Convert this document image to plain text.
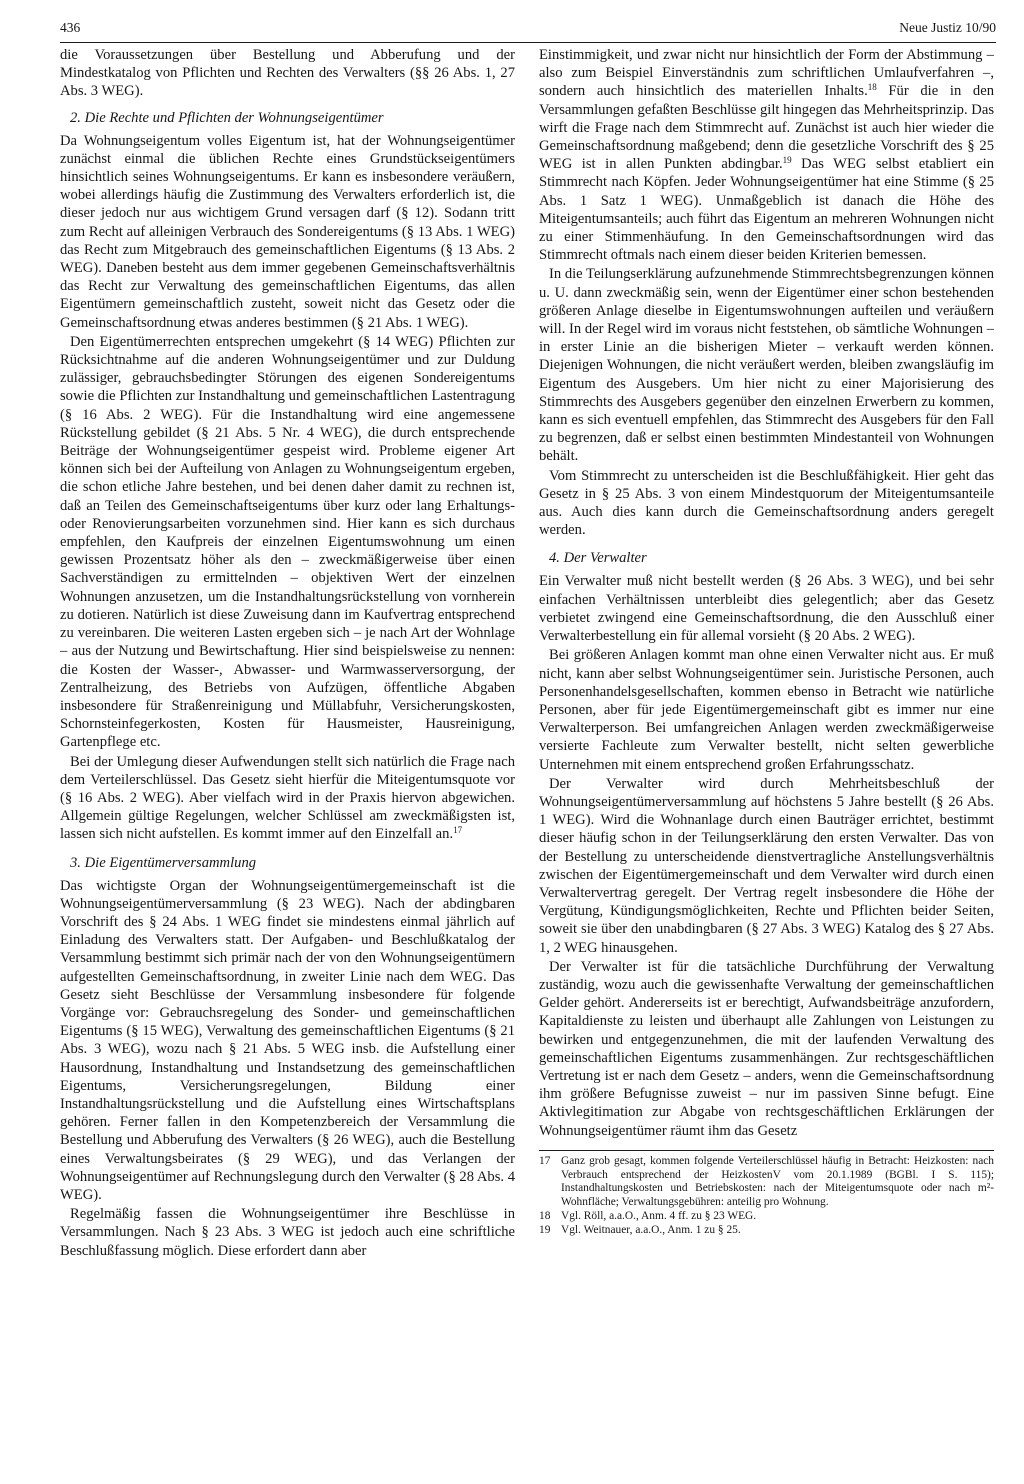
436	Neue Justiz 10/90

die Voraussetzungen über Bestellung und Abberufung und der Mindestkatalog von Pflichten und Rechten des Verwalters (§§ 26 Abs. 1, 27 Abs. 3 WEG).

2. Die Rechte und Pflichten der Wohnungseigentümer

Da Wohnungseigentum volles Eigentum ist, hat der Wohnungseigentümer zunächst einmal die üblichen Rechte eines Grundstückseigentümers hinsichtlich seines Wohnungseigentums. Er kann es insbesondere veräußern, wobei allerdings häufig die Zustimmung des Verwalters erforderlich ist, die dieser jedoch nur aus wichtigem Grund versagen darf (§ 12). Sodann tritt zum Recht auf alleinigen Verbrauch des Sondereigentums (§ 13 Abs. 1 WEG) das Recht zum Mitgebrauch des gemeinschaftlichen Eigentums (§ 13 Abs. 2 WEG). Daneben besteht aus dem immer gegebenen Gemeinschaftsverhältnis das Recht zur Verwaltung des gemeinschaftlichen Eigentums, das allen Eigentümern gemeinschaftlich zusteht, soweit nicht das Gesetz oder die Gemeinschaftsordnung etwas anderes bestimmen (§ 21 Abs. 1 WEG).

Den Eigentümerrechten entsprechen umgekehrt (§ 14 WEG) Pflichten zur Rücksichtnahme auf die anderen Wohnungseigentümer und zur Duldung zulässiger, gebrauchsbedingter Störungen des eigenen Sondereigentums sowie die Pflichten zur Instandhaltung und gemeinschaftlichen Lastentragung (§ 16 Abs. 2 WEG). Für die Instandhaltung wird eine angemessene Rückstellung gebildet (§ 21 Abs. 5 Nr. 4 WEG), die durch entsprechende Beiträge der Wohnungseigentümer gespeist wird. Probleme eigener Art können sich bei der Aufteilung von Anlagen zu Wohnungseigentum ergeben, die schon etliche Jahre bestehen, und bei denen daher damit zu rechnen ist, daß an Teilen des Gemeinschaftseigentums über kurz oder lang Erhaltungs- oder Renovierungsarbeiten vorzunehmen sind. Hier kann es sich durchaus empfehlen, den Kaufpreis der einzelnen Eigentumswohnung um einen gewissen Prozentsatz höher als den – zweckmäßigerweise über einen Sachverständigen zu ermittelnden – objektiven Wert der einzelnen Wohnungen anzusetzen, um die Instandhaltungsrückstellung von vornherein zu dotieren. Natürlich ist diese Zuweisung dann im Kaufvertrag entsprechend zu vereinbaren. Die weiteren Lasten ergeben sich – je nach Art der Wohnlage – aus der Nutzung und Bewirtschaftung. Hier sind beispielsweise zu nennen: die Kosten der Wasser-, Abwasser- und Warmwasserversorgung, der Zentralheizung, des Betriebs von Aufzügen, öffentliche Abgaben insbesondere für Straßenreinigung und Müllabfuhr, Versicherungskosten, Schornsteinfegerkosten, Kosten für Hausmeister, Hausreinigung, Gartenpflege etc.

Bei der Umlegung dieser Aufwendungen stellt sich natürlich die Frage nach dem Verteilerschlüssel. Das Gesetz sieht hierfür die Miteigentumsquote vor (§ 16 Abs. 2 WEG). Aber vielfach wird in der Praxis hiervon abgewichen. Allgemein gültige Regelungen, welcher Schlüssel am zweckmäßigsten ist, lassen sich nicht aufstellen. Es kommt immer auf den Einzelfall an.$^{17}$

3. Die Eigentümerversammlung

Das wichtigste Organ der Wohnungseigentümergemeinschaft ist die Wohnungseigentümerversammlung (§ 23 WEG). Nach der abdingbaren Vorschrift des § 24 Abs. 1 WEG findet sie mindestens einmal jährlich auf Einladung des Verwalters statt. Der Aufgaben- und Beschlußkatalog der Versammlung bestimmt sich primär nach der von den Wohnungseigentümern aufgestellten Gemeinschaftsordnung, in zweiter Linie nach dem WEG. Das Gesetz sieht Beschlüsse der Versammlung insbesondere für folgende Vorgänge vor: Gebrauchsregelung des Sonder- und gemeinschaftlichen Eigentums (§ 15 WEG), Verwaltung des gemeinschaftlichen Eigentums (§ 21 Abs. 3 WEG), wozu nach § 21 Abs. 5 WEG insb. die Aufstellung einer Hausordnung, Instandhaltung und Instandsetzung des gemeinschaftlichen Eigentums, Versicherungsregelungen, Bildung einer Instandhaltungsrückstellung und die Aufstellung eines Wirtschaftsplans gehören. Ferner fallen in den Kompetenzbereich der Versammlung die Bestellung und Abberufung des Verwalters (§ 26 WEG), auch die Bestellung eines Verwaltungsbeirates (§ 29 WEG), und das Verlangen der Wohnungseigentümer auf Rechnungslegung durch den Verwalter (§ 28 Abs. 4 WEG).

Regelmäßig fassen die Wohnungseigentümer ihre Beschlüsse in Versammlungen. Nach § 23 Abs. 3 WEG ist jedoch auch eine schriftliche Beschlußfassung möglich. Diese erfordert dann aber

Einstimmigkeit, und zwar nicht nur hinsichtlich der Form der Abstimmung – also zum Beispiel Einverständnis zum schriftlichen Umlaufverfahren –, sondern auch hinsichtlich des materiellen Inhalts.$^{18}$ Für die in den Versammlungen gefaßten Beschlüsse gilt hingegen das Mehrheitsprinzip. Das wirft die Frage nach dem Stimmrecht auf. Zunächst ist auch hier wieder die Gemeinschaftsordnung maßgebend; denn die gesetzliche Vorschrift des § 25 WEG ist in allen Punkten abdingbar.$^{19}$ Das WEG selbst etabliert ein Stimmrecht nach Köpfen. Jeder Wohnungseigentümer hat eine Stimme (§ 25 Abs. 1 Satz 1 WEG). Unmaßgeblich ist danach die Höhe des Miteigentumsanteils; auch führt das Eigentum an mehreren Wohnungen nicht zu einer Stimmenhäufung. In den Gemeinschaftsordnungen wird das Stimmrecht oftmals nach einem dieser beiden Kriterien bemessen.

In die Teilungserklärung aufzunehmende Stimmrechtsbegrenzungen können u. U. dann zweckmäßig sein, wenn der Eigentümer einer schon bestehenden größeren Anlage dieselbe in Eigentumswohnungen aufteilen und veräußern will. In der Regel wird im voraus nicht feststehen, ob sämtliche Wohnungen – in erster Linie an die bisherigen Mieter – verkauft werden können. Diejenigen Wohnungen, die nicht veräußert werden, bleiben zwangsläufig im Eigentum des Ausgebers. Um hier nicht zu einer Majorisierung des Stimmrechts des Ausgebers gegenüber den einzelnen Erwerbern zu kommen, kann es sich eventuell empfehlen, das Stimmrecht des Ausgebers für den Fall zu begrenzen, daß er selbst einen bestimmten Mindestanteil von Wohnungen behält.

Vom Stimmrecht zu unterscheiden ist die Beschlußfähigkeit. Hier geht das Gesetz in § 25 Abs. 3 von einem Mindestquorum der Miteigentumsanteile aus. Auch dies kann durch die Gemeinschaftsordnung anders geregelt werden.

4. Der Verwalter

Ein Verwalter muß nicht bestellt werden (§ 26 Abs. 3 WEG), und bei sehr einfachen Verhältnissen unterbleibt dies gelegentlich; aber das Gesetz verbietet zwingend eine Gemeinschaftsordnung, die den Ausschluß einer Verwalterbestellung ein für allemal vorsieht (§ 20 Abs. 2 WEG).

Bei größeren Anlagen kommt man ohne einen Verwalter nicht aus. Er muß nicht, kann aber selbst Wohnungseigentümer sein. Juristische Personen, auch Personenhandelsgesellschaften, kommen ebenso in Betracht wie natürliche Personen, aber für jede Eigentümergemeinschaft gibt es immer nur eine Verwalterperson. Bei umfangreichen Anlagen werden zweckmäßigerweise versierte Fachleute zum Verwalter bestellt, nicht selten gewerbliche Unternehmen mit einem entsprechend großen Erfahrungsschatz.

Der Verwalter wird durch Mehrheitsbeschluß der Wohnungseigentümerversammlung auf höchstens 5 Jahre bestellt (§ 26 Abs. 1 WEG). Wird die Wohnanlage durch einen Bauträger errichtet, bestimmt dieser häufig schon in der Teilungserklärung den ersten Verwalter. Das von der Bestellung zu unterscheidende dienstvertragliche Anstellungsverhältnis zwischen der Eigentümergemeinschaft und dem Verwalter wird durch einen Verwaltervertrag geregelt. Der Vertrag regelt insbesondere die Höhe der Vergütung, Kündigungsmöglichkeiten, Rechte und Pflichten beider Seiten, soweit sie über den unabdingbaren (§ 27 Abs. 3 WEG) Katalog des § 27 Abs. 1, 2 WEG hinausgehen.

Der Verwalter ist für die tatsächliche Durchführung der Verwaltung zuständig, wozu auch die gewissenhafte Verwaltung der gemeinschaftlichen Gelder gehört. Andererseits ist er berechtigt, Aufwandsbeiträge anzufordern, Kapitaldienste zu leisten und überhaupt alle Zahlungen von Leistungen zu bewirken und entgegenzunehmen, die mit der laufenden Verwaltung des gemeinschaftlichen Eigentums zusammenhängen. Zur rechtsgeschäftlichen Vertretung ist er nach dem Gesetz – anders, wenn die Gemeinschaftsordnung ihm größere Befugnisse zuweist – nur im passiven Sinne befugt. Eine Aktivlegitimation zur Abgabe von rechtsgeschäftlichen Erklärungen der Wohnungseigentümer räumt ihm das Gesetz

17 Ganz grob gesagt, kommen folgende Verteilerschlüssel häufig in Betracht: Heizkosten: nach Verbrauch entsprechend der HeizkostenV vom 20.1.1989 (BGBl. I S. 115); Instandhaltungskosten und Betriebskosten: nach der Miteigentumsquote oder nach m²-Wohnfläche; Verwaltungsgebühren: anteilig pro Wohnung.
18 Vgl. Röll, a.a.O., Anm. 4 ff. zu § 23 WEG.
19 Vgl. Weitnauer, a.a.O., Anm. 1 zu § 25.
